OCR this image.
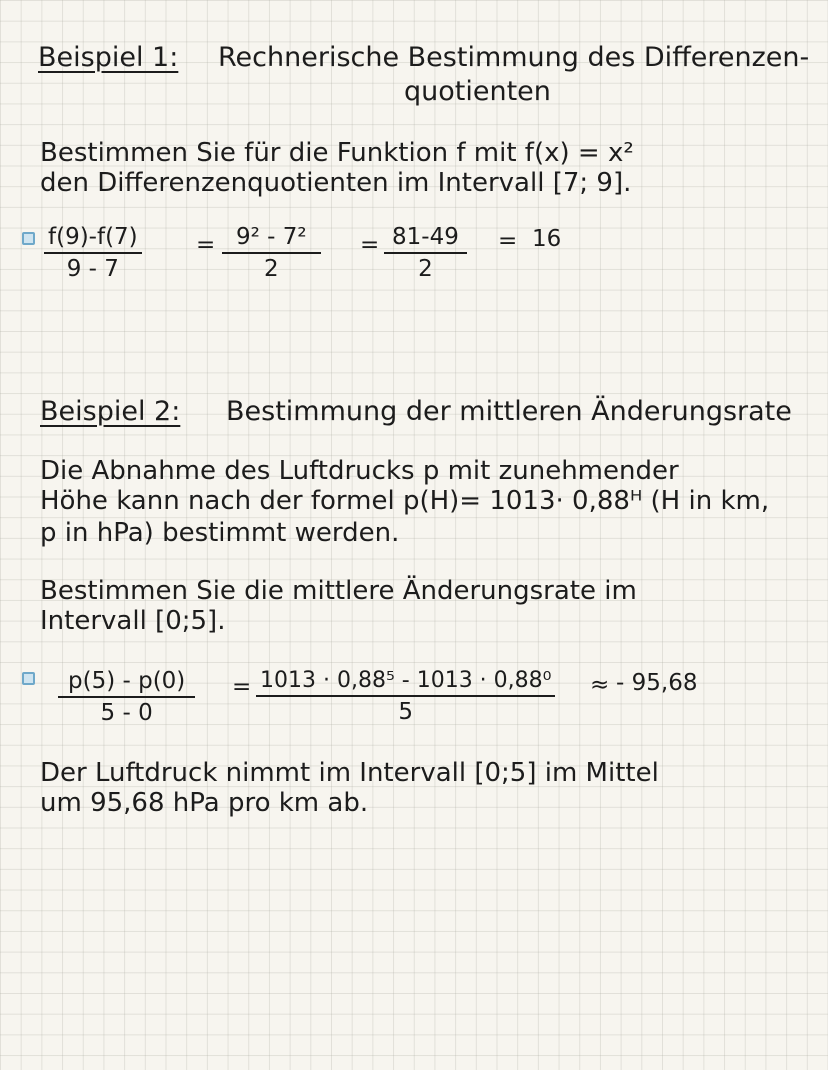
Beispiel 1: Rechnerische Bestimmung des Differenzen-
quotienten
Bestimmen Sie für die Funktion f mit f(x) = x²
den Differenzenquotienten im Intervall [7; 9].
$\frac{f(9)-f(7)}{9 - 7} = \frac{\text{9² - 7²}}{2} = \frac{81-49}{2} = 16$
Beispiel 2: Bestimmung der mittleren Änderungsrate
Die Abnahme des Luftdrucks p mit zunehmender
Höhe kann nach der formel p(H)= 1013· 0,88ᴴ (H in km,
p in hPa) bestimmt werden.
Bestimmen Sie die mittlere Änderungsrate im
Intervall [0;5].
$\frac{p(5) - p(0)}{5 - 0} = \frac{\text{1013 · 0,88⁵ - 1013 · 0,88⁰}}{5}$ ≈ - 95,68
Der Luftdruck nimmt im Intervall [0;5] im Mittel
um 95,68 hPa pro km ab.
